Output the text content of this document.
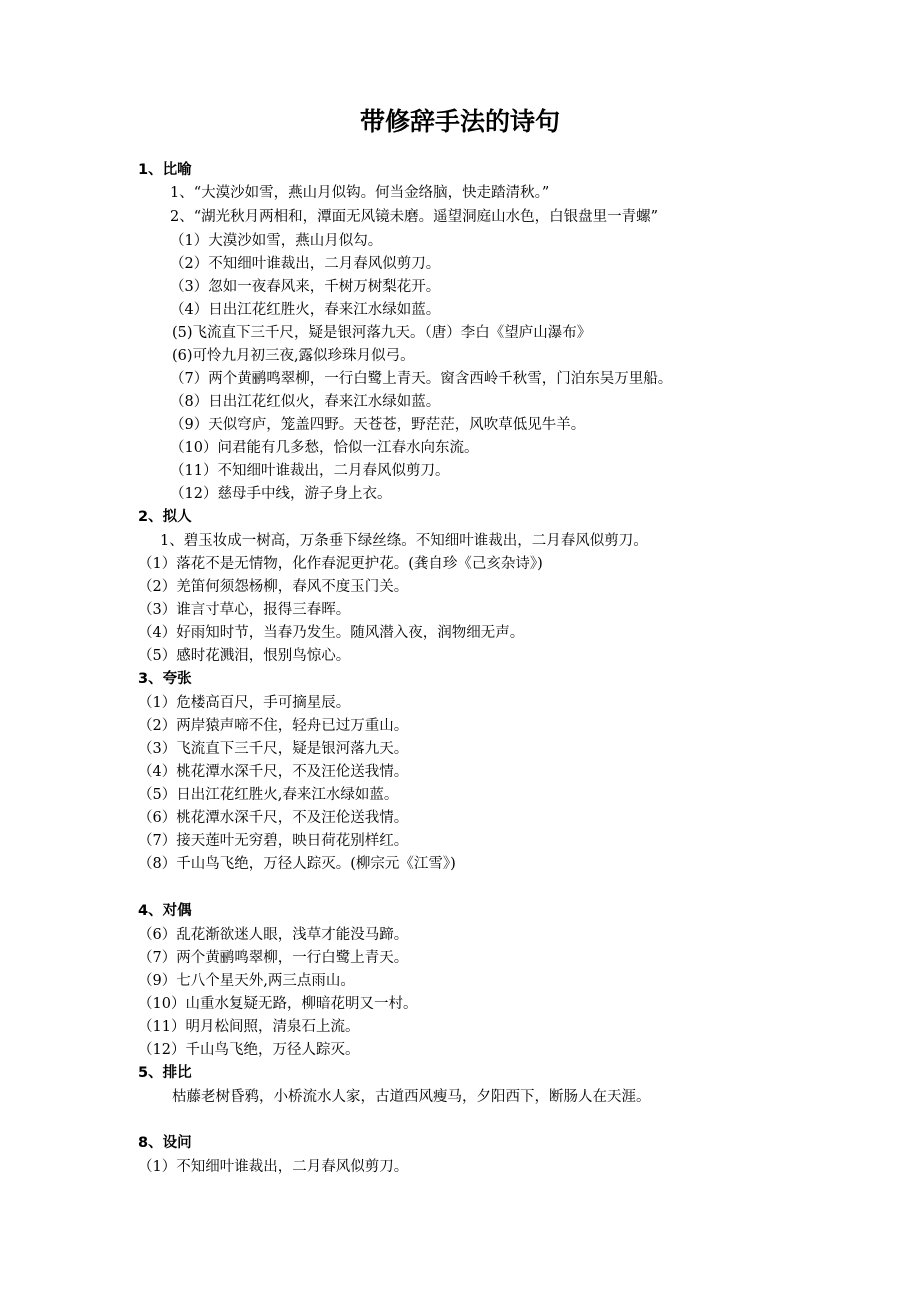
带修辞手法的诗句
1、比喻
1、“大漠沙如雪，燕山月似钩。何当金络脑，快走踏清秋。”
2、“湖光秋月两相和，潭面无风镜未磨。遥望洞庭山水色，白银盘里一青螺”
（1）大漠沙如雪，燕山月似勾。
（2）不知细叶谁裁出，二月春风似剪刀。
（3）忽如一夜春风来，千树万树梨花开。
（4）日出江花红胜火，春来江水绿如蓝。
(5)飞流直下三千尺，疑是银河落九天。（唐）李白《望庐山瀑布》
(6)可怜九月初三夜,露似珍珠月似弓。
（7）两个黄鹂鸣翠柳，一行白鹭上青天。窗含西岭千秋雪，门泊东吴万里船。
（8）日出江花红似火，春来江水绿如蓝。
（9）天似穹庐，笼盖四野。天苍苍，野茫茫，风吹草低见牛羊。
（10）问君能有几多愁，恰似一江春水向东流。
（11）不知细叶谁裁出，二月春风似剪刀。
（12）慈母手中线，游子身上衣。
2、拟人
1、碧玉妆成一树高，万条垂下绿丝绦。不知细叶谁裁出，二月春风似剪刀。
（1）落花不是无情物，化作春泥更护花。(龚自珍《己亥杂诗》)
（2）羌笛何须怨杨柳，春风不度玉门关。
（3）谁言寸草心，报得三春晖。
（4）好雨知时节，当春乃发生。随风潜入夜，润物细无声。
（5）感时花溅泪，恨别鸟惊心。
3、夸张
（1）危楼高百尺，手可摘星辰。
（2）两岸猿声啼不住，轻舟已过万重山。
（3）飞流直下三千尺，疑是银河落九天。
（4）桃花潭水深千尺，不及汪伦送我情。
（5）日出江花红胜火,春来江水绿如蓝。
（6）桃花潭水深千尺，不及汪伦送我情。
（7）接天莲叶无穷碧，映日荷花别样红。
（8）千山鸟飞绝，万径人踪灭。(柳宗元《江雪》)
4、对偶
（6）乱花渐欲迷人眼，浅草才能没马蹄。
（7）两个黄鹂鸣翠柳，一行白鹭上青天。
（9）七八个星天外,两三点雨山。
（10）山重水复疑无路，柳暗花明又一村。
（11）明月松间照，清泉石上流。
（12）千山鸟飞绝，万径人踪灭。
5、排比
枯藤老树昏鸦，小桥流水人家，古道西风瘦马，夕阳西下，断肠人在天涯。
8、设问
（1）不知细叶谁裁出，二月春风似剪刀。
